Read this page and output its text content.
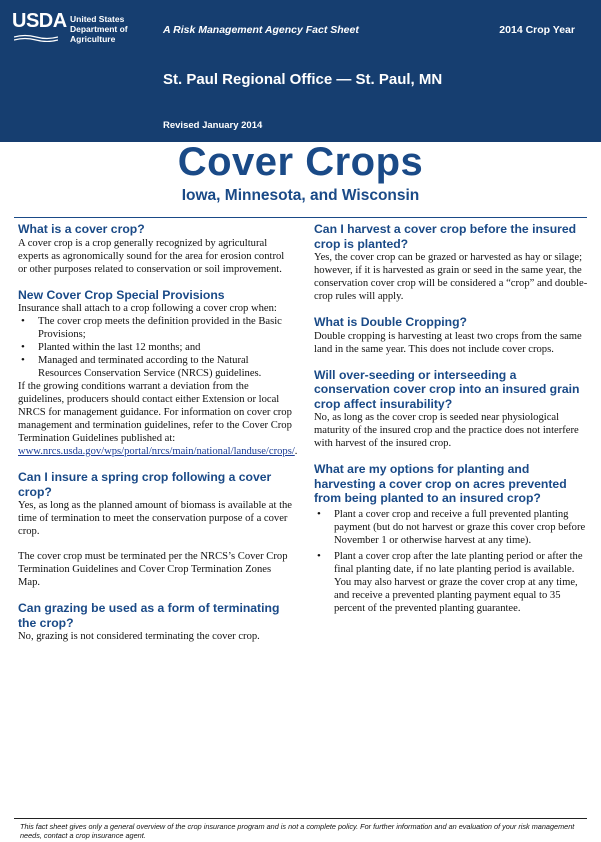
USDA United States
Department of
Agriculture
A Risk Management Agency Fact Sheet	2014 Crop Year
St. Paul Regional Office — St. Paul, MN
Revised January 2014
Cover Crops
Iowa, Minnesota, and Wisconsin
What is a cover crop?

A cover crop is a crop generally recognized by agricultural experts as agronomically sound for the area for erosion control or other purposes related to conservation or soil improvement.

New Cover Crop Special Provisions

Insurance shall attach to a crop following a cover crop when:

• The cover crop meets the definition provided in the Basic Provisions;
• Planted within the last 12 months; and
• Managed and terminated according to the Natural Resources Conservation Service (NRCS) guidelines.

If the growing conditions warrant a deviation from the guidelines, producers should contact either Extension or local NRCS for management guidance. For information on cover crop management and termination guidelines, refer to the Cover Crop Termination Guidelines published at: www.nrcs.usda.gov/wps/portal/nrcs/main/national/landuse/crops/.

Can I insure a spring crop following a cover crop?

Yes, as long as the planned amount of biomass is available at the time of termination to meet the conservation purpose of a cover crop.

The cover crop must be terminated per the NRCS’s Cover Crop Termination Guidelines and Cover Crop Termination Zones Map.

Can grazing be used as a form of terminating the crop?

No, grazing is not considered terminating the cover crop.

Can I harvest a cover crop before the insured crop is planted?

Yes, the cover crop can be grazed or harvested as hay or silage; however, if it is harvested as grain or seed in the same year, the conservation cover crop will be considered a “crop” and double-crop rules will apply.

What is Double Cropping?

Double cropping is harvesting at least two crops from the same land in the same year. This does not include cover crops.

Will over-seeding or interseeding a conservation cover crop into an insured grain crop affect insurability?

No, as long as the cover crop is seeded near physiological maturity of the insured crop and the practice does not interfere with harvest of the insured crop.

What are my options for planting and harvesting a cover crop on acres prevented from being planted to an insured crop?
• Plant a cover crop and receive a full prevented planting payment (but do not harvest or graze this cover crop before November 1 or otherwise harvest at any time).
• Plant a cover crop after the late planting period or after the final planting date, if no late planting period is available. You may also harvest or graze the cover crop at any time, and receive a prevented planting payment equal to 35 percent of the prevented planting guarantee.
This fact sheet gives only a general overview of the crop insurance program and is not a complete policy. For further information and an evaluation of your risk management needs, contact a crop insurance agent.
